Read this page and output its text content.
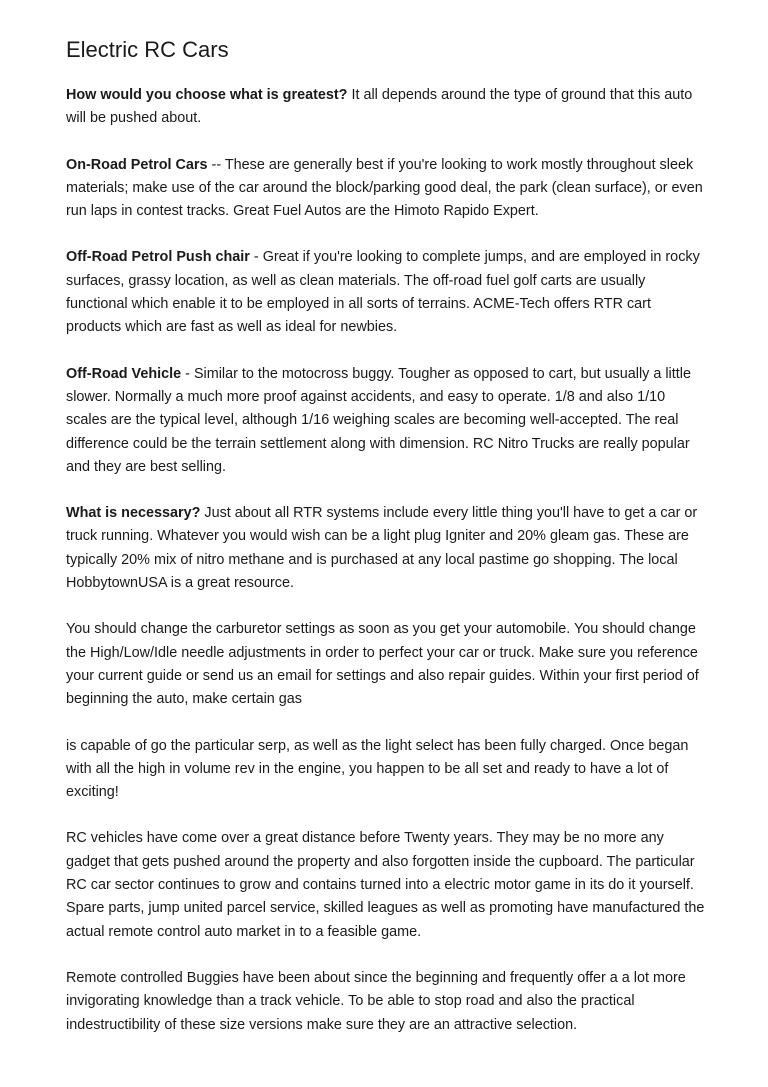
Electric RC Cars

How would you choose what is greatest? It all depends around the type of ground that this auto will be pushed about.

On-Road Petrol Cars -- These are generally best if you're looking to work mostly throughout sleek materials; make use of the car around the block/parking good deal, the park (clean surface), or even run laps in contest tracks. Great Fuel Autos are the Himoto Rapido Expert.

Off-Road Petrol Push chair - Great if you're looking to complete jumps, and are employed in rocky surfaces, grassy location, as well as clean materials. The off-road fuel golf carts are usually functional which enable it to be employed in all sorts of terrains. ACME-Tech offers RTR cart products which are fast as well as ideal for newbies.

Off-Road Vehicle - Similar to the motocross buggy. Tougher as opposed to cart, but usually a little slower. Normally a much more proof against accidents, and easy to operate. 1/8 and also 1/10 scales are the typical level, although 1/16 weighing scales are becoming well-accepted. The real difference could be the terrain settlement along with dimension. RC Nitro Trucks are really popular and they are best selling.

What is necessary? Just about all RTR systems include every little thing you'll have to get a car or truck running. Whatever you would wish can be a light plug Igniter and 20% gleam gas. These are typically 20% mix of nitro methane and is purchased at any local pastime go shopping. The local HobbytownUSA is a great resource.

You should change the carburetor settings as soon as you get your automobile. You should change the High/Low/Idle needle adjustments in order to perfect your car or truck. Make sure you reference your current guide or send us an email for settings and also repair guides. Within your first period of beginning the auto, make certain gas

is capable of go the particular serp, as well as the light select has been fully charged. Once began with all the high in volume rev in the engine, you happen to be all set and ready to have a lot of exciting!

RC vehicles have come over a great distance before Twenty years. They may be no more any gadget that gets pushed around the property and also forgotten inside the cupboard. The particular RC car sector continues to grow and contains turned into a electric motor game in its do it yourself. Spare parts, jump united parcel service, skilled leagues as well as promoting have manufactured the actual remote control auto market in to a feasible game.

Remote controlled Buggies have been about since the beginning and frequently offer a a lot more invigorating knowledge than a track vehicle. To be able to stop road and also the practical indestructibility of these size versions make sure they are an attractive selection.
